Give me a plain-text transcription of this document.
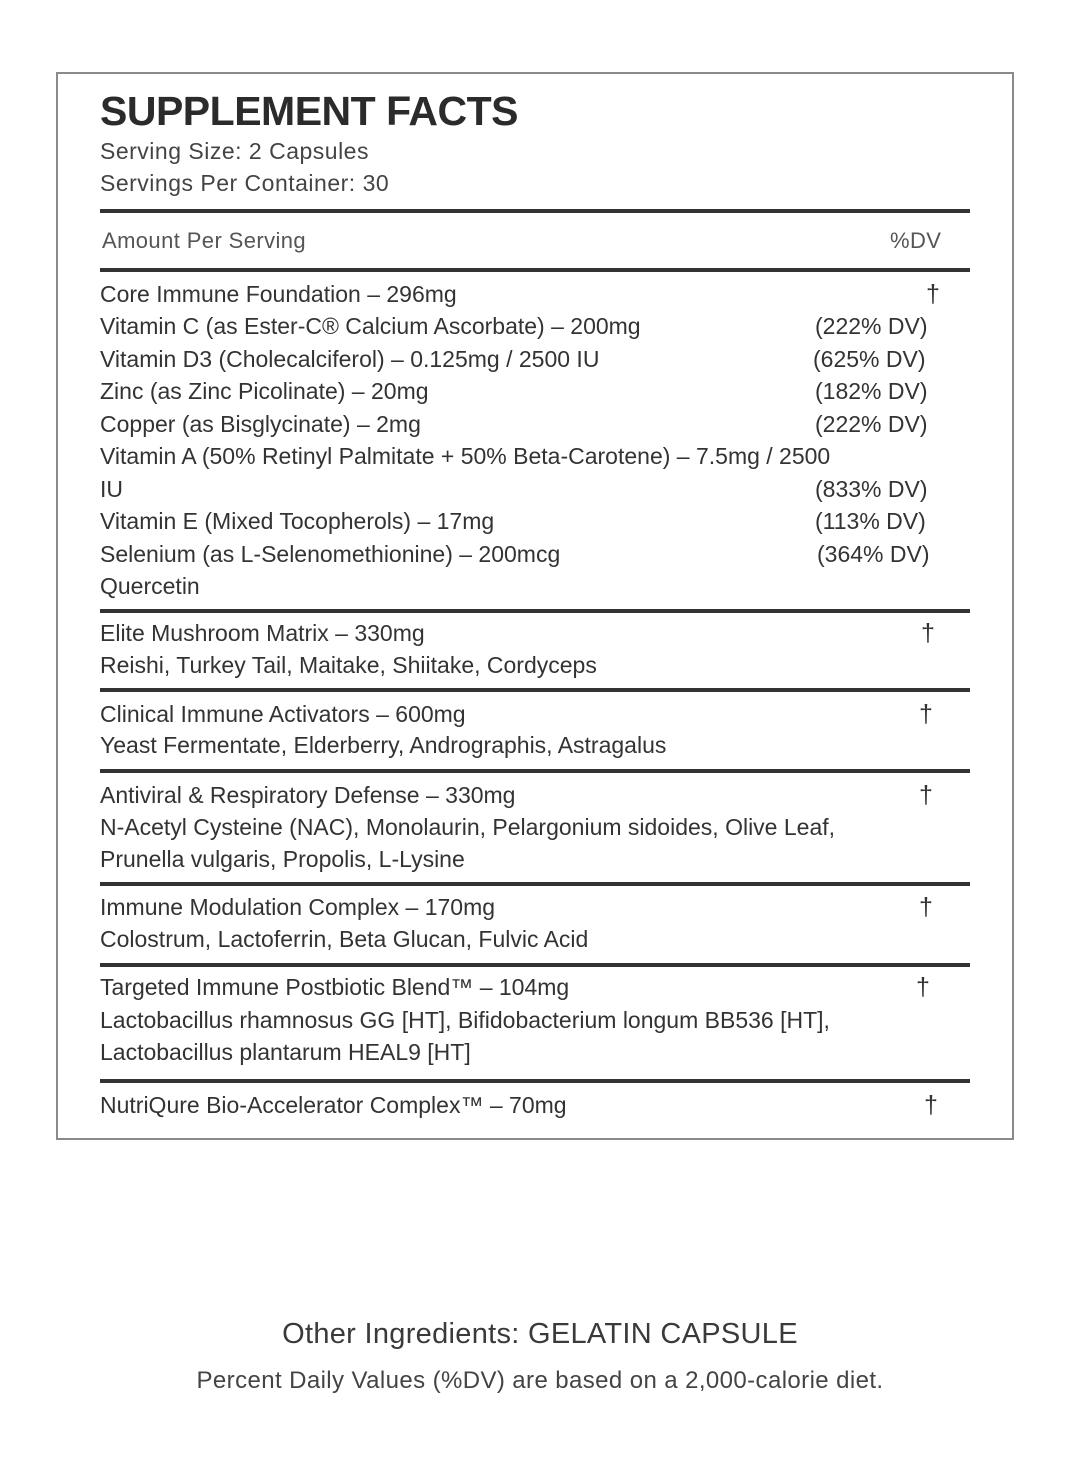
SUPPLEMENT FACTS
Serving Size: 2 Capsules
Servings Per Container: 30
Amount Per Serving	%DV
Core Immune Foundation – 296mg	†
Vitamin C (as Ester-C® Calcium Ascorbate) – 200mg	(222% DV)
Vitamin D3 (Cholecalciferol) – 0.125mg / 2500 IU	(625% DV)
Zinc (as Zinc Picolinate) – 20mg	(182% DV)
Copper (as Bisglycinate) – 2mg	(222% DV)
Vitamin A (50% Retinyl Palmitate + 50% Beta-Carotene) – 7.5mg / 2500
IU	(833% DV)
Vitamin E (Mixed Tocopherols) – 17mg	(113% DV)
Selenium (as L-Selenomethionine) – 200mcg	(364% DV)
Quercetin
Elite Mushroom Matrix – 330mg	†
Reishi, Turkey Tail, Maitake, Shiitake, Cordyceps
Clinical Immune Activators – 600mg	†
Yeast Fermentate, Elderberry, Andrographis, Astragalus
Antiviral & Respiratory Defense – 330mg	†
N-Acetyl Cysteine (NAC), Monolaurin, Pelargonium sidoides, Olive Leaf,
Prunella vulgaris, Propolis, L-Lysine
Immune Modulation Complex – 170mg	†
Colostrum, Lactoferrin, Beta Glucan, Fulvic Acid
Targeted Immune Postbiotic Blend™ – 104mg	†
Lactobacillus rhamnosus GG [HT], Bifidobacterium longum BB536 [HT],
Lactobacillus plantarum HEAL9 [HT]
NutriQure Bio-Accelerator Complex™ – 70mg	†
Other Ingredients: GELATIN CAPSULE
Percent Daily Values (%DV) are based on a 2,000-calorie diet.
